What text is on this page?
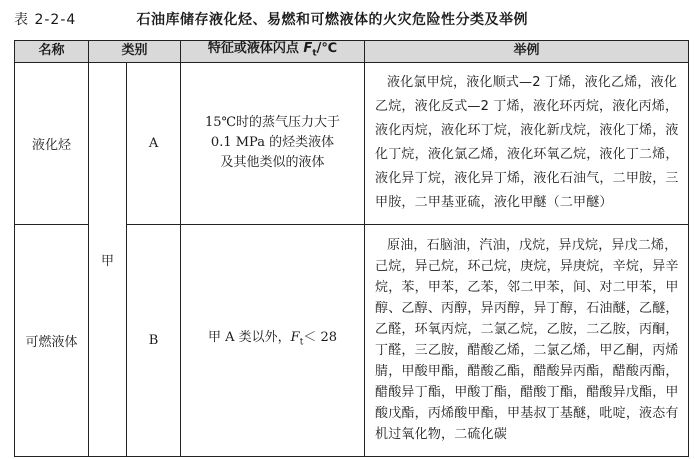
表 2-2-4	石油库储存液化烃、易燃和可燃液体的火灾危险性分类及举例
名称	类别		特征或液体闪点 $F_t/℃$	举例
液化烃	甲	A	15℃时的蒸气压力大于
0.1 MPa 的烃类液体
及其他类似的液体	液化氯甲烷，液化顺式—2 丁烯，液化乙烯，液化乙烷，液化反式—2 丁烯，液化环丙烷，液化丙烯，液化丙烷，液化环丁烷，液化新戊烷，液化丁烯，液化丁烷，液化氯乙烯，液化环氧乙烷，液化丁二烯，液化异丁烷，液化异丁烯，液化石油气，二甲胺，三甲胺，二甲基亚硫，液化甲醚（二甲醚）
可燃液体		B	甲 A 类以外，$F_t< 28$	原油，石脑油，汽油，戊烷，异戊烷，异戊二烯，己烷，异己烷，环己烷，庚烷，异庚烷，辛烷，异辛烷，苯，甲苯，乙苯，邻二甲苯，间、对二甲苯，甲醇、乙醇、丙醇，异丙醇，异丁醇，石油醚，乙醚，乙醛，环氧丙烷，二氯乙烷，乙胺，二乙胺，丙酮，丁醛，三乙胺，醋酸乙烯，二氯乙烯，甲乙酮，丙烯腈，甲酸甲酯，醋酸乙酯，醋酸异丙酯，醋酸丙酯，醋酸异丁酯，甲酸丁酯，醋酸丁酯，醋酸异戊酯，甲酸戊酯，丙烯酸甲酯，甲基叔丁基醚，吡啶，液态有机过氧化物，二硫化碳
